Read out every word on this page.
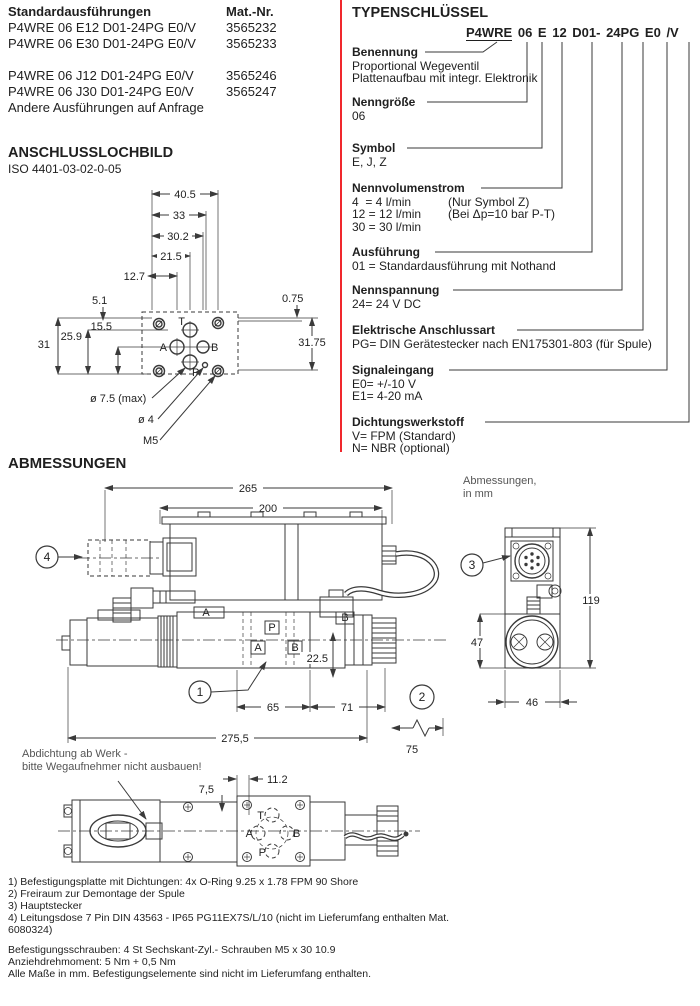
Standardausführungen	Mat.-Nr.
P4WRE 06 E12 D01-24PG E0/V	3565232
P4WRE 06 E30 D01-24PG E0/V	3565233
P4WRE 06 J12 D01-24PG E0/V	3565246
P4WRE 06 J30 D01-24PG E0/V	3565247
Andere Ausführungen auf Anfrage
TYPENSCHLÜSSEL
P4WRE 06 E 12 D01- 24PG E0 /V
Benennung
Proportional Wegeventil
Plattenaufbau mit integr. Elektronik
Nenngröße
06
Symbol
E, J, Z
Nennvolumenstrom
4  = 4 l/min	(Nur Symbol Z)
12 = 12 l/min (Bei Δp=10 bar P-T)
30 = 30 l/min
Ausführung
01 = Standardausführung mit Nothand
Nennspannung
24= 24 V DC
Elektrische Anschlussart
PG= DIN Gerätestecker nach EN175301-803 (für Spule)
Signaleingang
E0= +/-10 V
E1= 4-20 mA
Dichtungswerkstoff
V= FPM (Standard)
N= NBR (optional)
ANSCHLUSSLOCHBILD
ISO 4401-03-02-0-05
40.5
33
30.2
21.5
12.7
5.1	0.75
31
25.9
15.5
31.75
T
A	B
P
ø 7.5 (max)
ø 4
M5
ABMESSUNGEN
Abmessungen,
in mm
265
200
4
A
P
A	B
B
22.5
1	2
65	71
275,5
75
3
47
119
46
Abdichtung ab Werk -
bitte Wegaufnehmer nicht ausbauen!
11.2
7,5
T
A	B
P
1) Befestigungsplatte mit Dichtungen: 4x O-Ring 9.25 x 1.78 FPM 90 Shore
2) Freiraum zur Demontage der Spule
3) Hauptstecker
4) Leitungsdose 7 Pin DIN 43563 - IP65 PG11EX7S/L/10 (nicht im Lieferumfang enthalten Mat.
6080324)
Befestigungsschrauben: 4 St Sechskant-Zyl.- Schrauben M5 x 30 10.9
Anziehdrehmoment: 5 Nm + 0,5 Nm
Alle Maße in mm. Befestigungselemente sind nicht im Lieferumfang enthalten.
